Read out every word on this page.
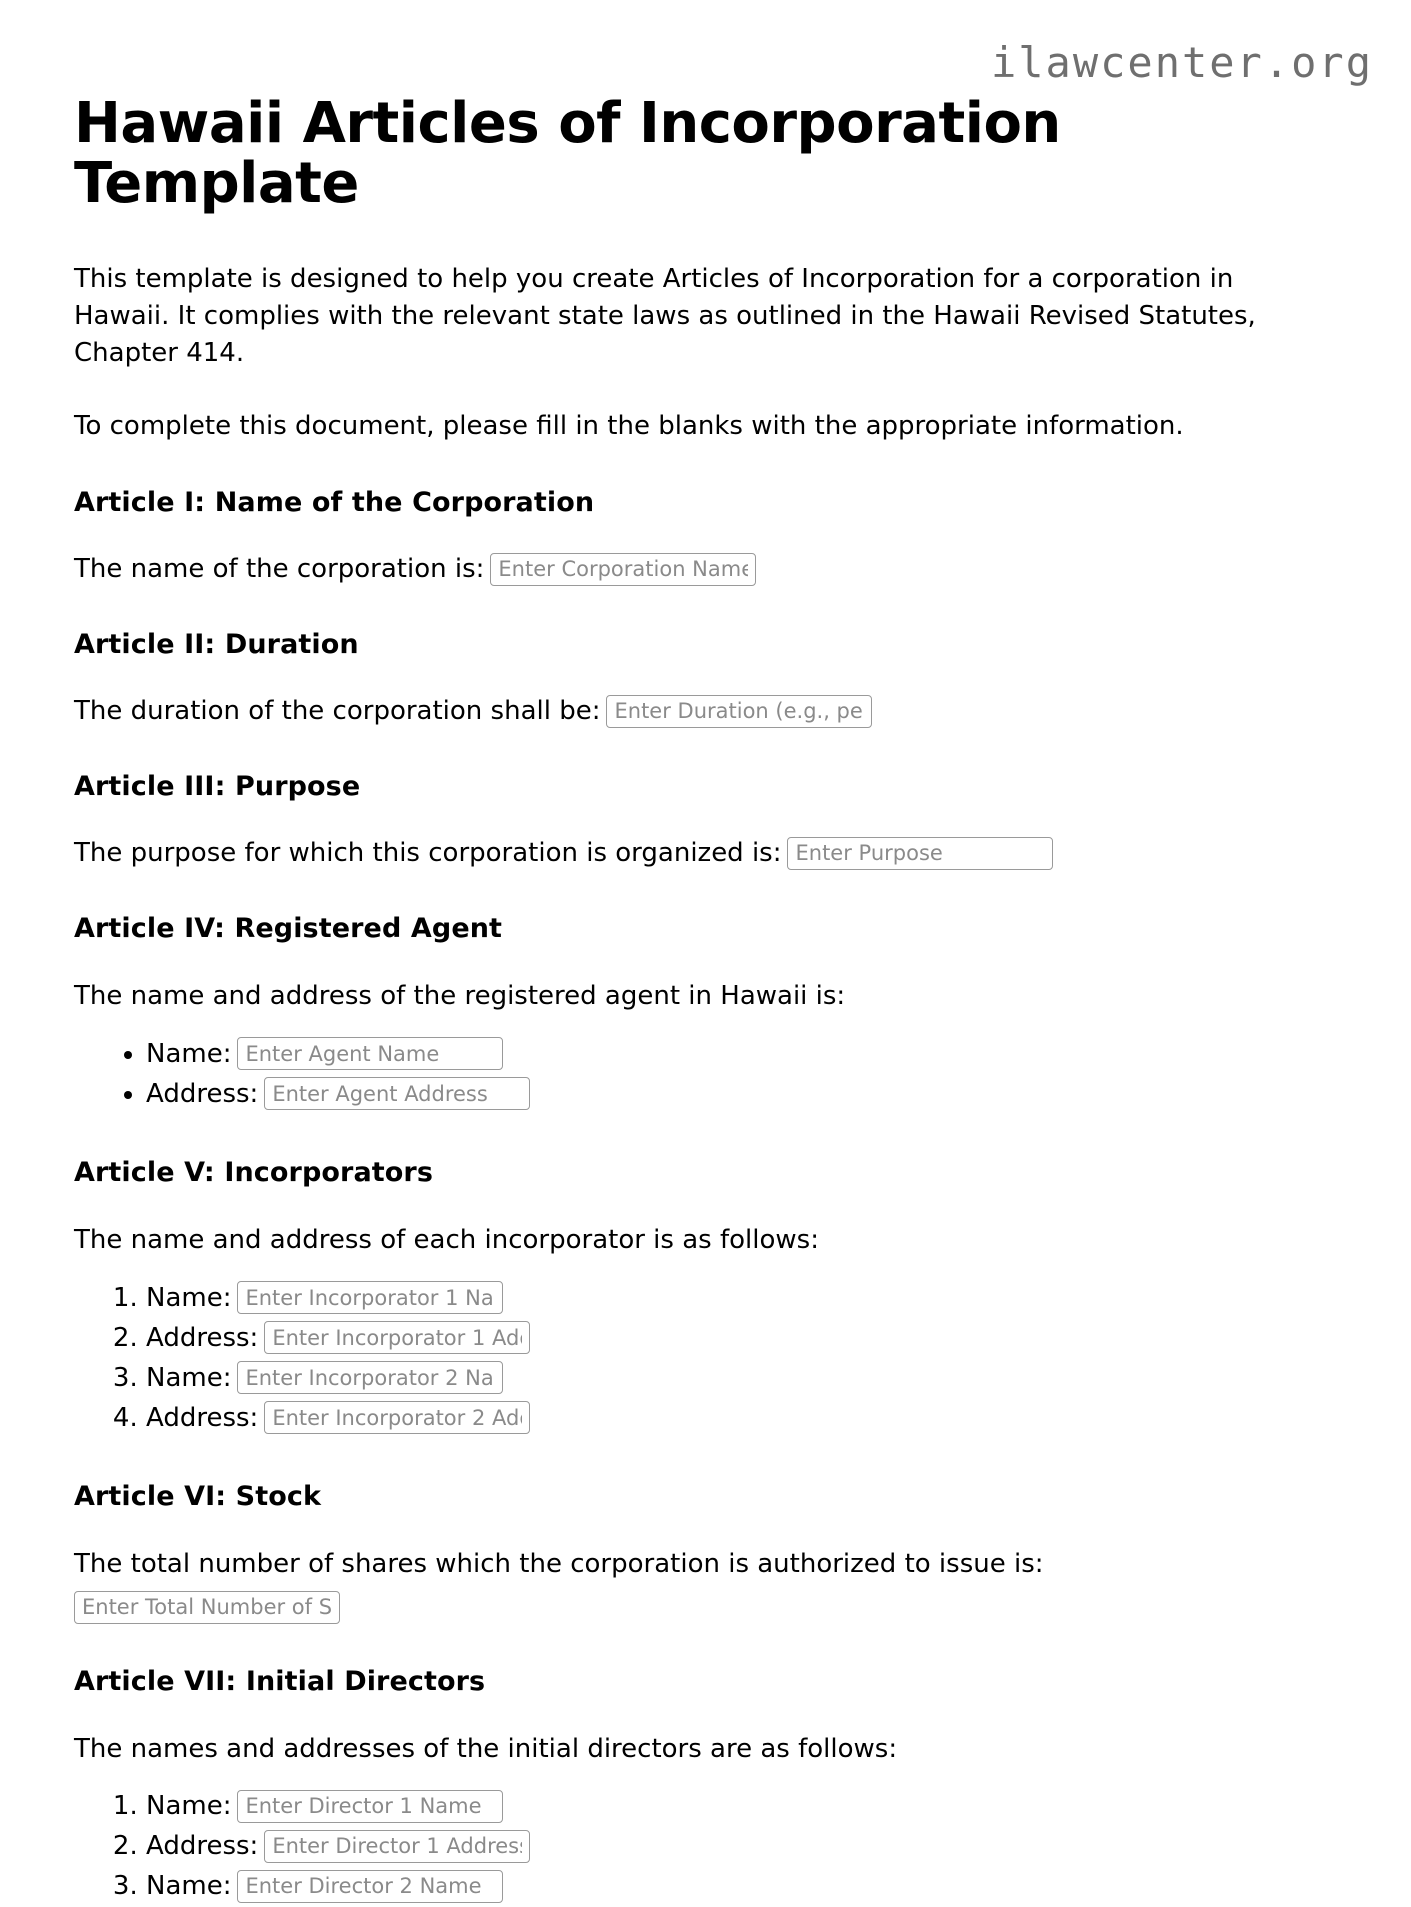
ilawcenter.org
Hawaii Articles of Incorporation Template

This template is designed to help you create Articles of Incorporation for a corporation in Hawaii. It complies with the relevant state laws as outlined in the Hawaii Revised Statutes, Chapter 414.

To complete this document, please fill in the blanks with the appropriate information.

Article I: Name of the Corporation
The name of the corporation is:
Enter Corporation Name
Article II: Duration
The duration of the corporation shall be:
Enter Duration (e.g., perpetual)
Article III: Purpose
The purpose for which this corporation is organized is:
Enter Purpose
Article IV: Registered Agent

The name and address of the registered agent in Hawaii is:

• Name:
Enter Agent Name
• Address:
Enter Agent Address
Article V: Incorporators

The name and address of each incorporator is as follows:

1. Name:
Enter Incorporator 1 Name
2. Address:
Enter Incorporator 1 Address
3. Name:
Enter Incorporator 2 Name
4. Address:
Enter Incorporator 2 Address
Article VI: Stock

The total number of shares which the corporation is authorized to issue is:

Enter Total Number of Shares
Article VII: Initial Directors

The names and addresses of the initial directors are as follows:

1. Name:
Enter Director 1 Name
2. Address:
Enter Director 1 Address
3. Name:
Enter Director 2 Name
